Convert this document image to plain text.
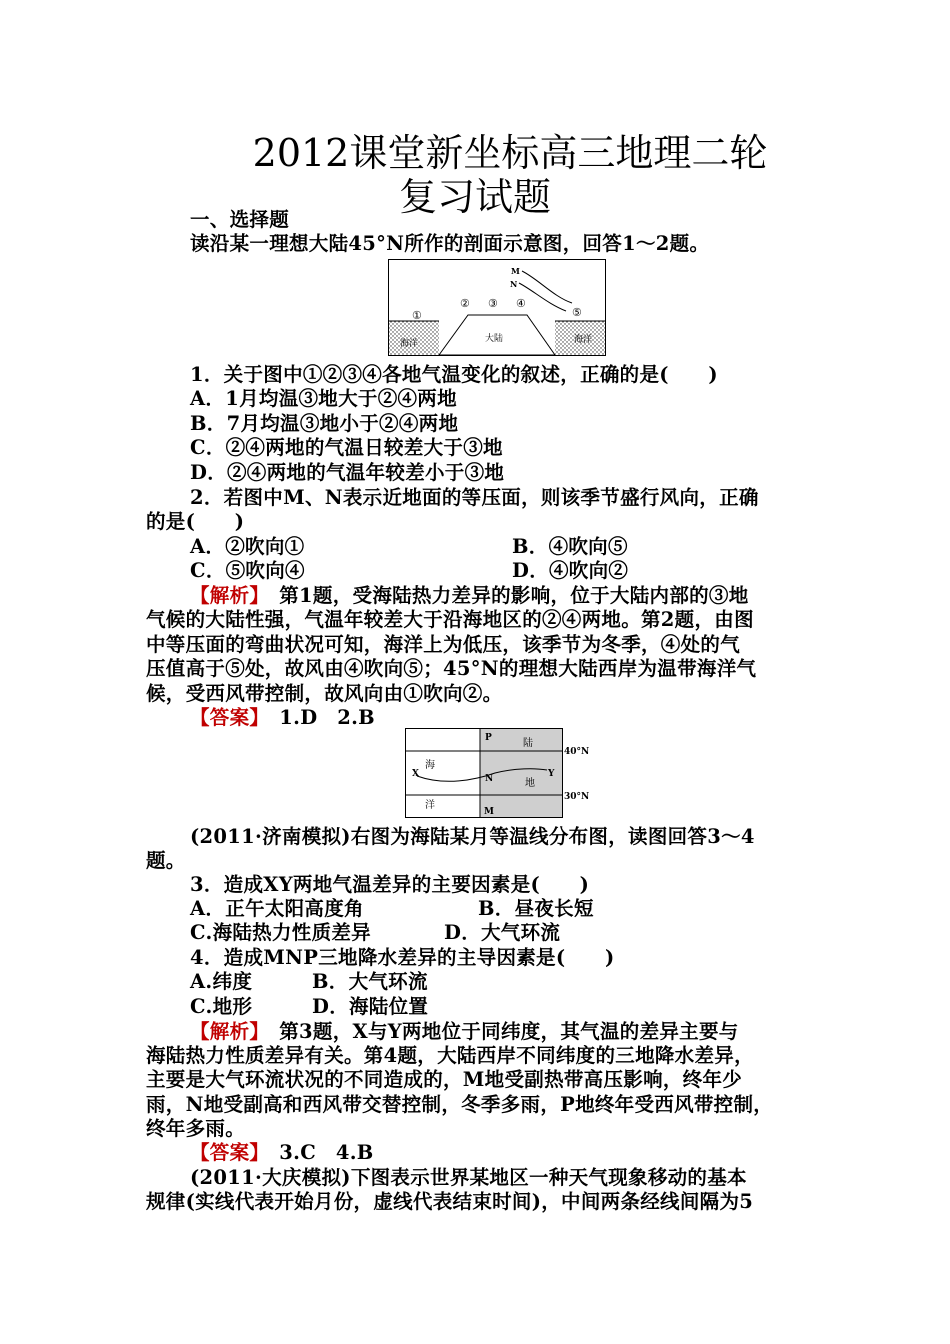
2012课堂新坐标高三地理二轮
复习试题
一、选择题
读沿某一理想大陆45°N所作的剖面示意图，回答1～2题。
M
N
①
② ③ ④
⑤
大陆
海洋	海洋
1．关于图中①②③④各地气温变化的叙述，正确的是(　　)
A．1月均温③地大于②④两地
B．7月均温③地小于②④两地
C．②④两地的气温日较差大于③地
D．②④两地的气温年较差小于③地
2．若图中M、N表示近地面的等压面，则该季节盛行风向，正确
的是(　　)
A．②吹向①	B．④吹向⑤
C．⑤吹向④	D．④吹向②
【解析】　第1题，受海陆热力差异的影响，位于大陆内部的③地
气候的大陆性强，气温年较差大于沿海地区的②④两地。第2题，由图
中等压面的弯曲状况可知，海洋上为低压，该季节为冬季，④处的气
压值高于⑤处，故风由④吹向⑤；45°N的理想大陆西岸为温带海洋气
候，受西风带控制，故风向由①吹向②。
【答案】　1.D　2.B
P	陆
海
X	N	地
Y
洋
M
40°N
30°N
(2011·济南模拟)右图为海陆某月等温线分布图，读图回答3～4
题。
3．造成XY两地气温差异的主要因素是(　　)
A．正午太阳高度角	B．昼夜长短
C.海陆热力性质差异	D．大气环流
4．造成MNP三地降水差异的主导因素是(　　)
A.纬度	B．大气环流
C.地形	D．海陆位置
【解析】　第3题，X与Y两地位于同纬度，其气温的差异主要与
海陆热力性质差异有关。第4题，大陆西岸不同纬度的三地降水差异，
主要是大气环流状况的不同造成的，M地受副热带高压影响，终年少
雨，N地受副高和西风带交替控制，冬季多雨，P地终年受西风带控制，
终年多雨。
【答案】　3.C　4.B
(2011·大庆模拟)下图表示世界某地区一种天气现象移动的基本
规律(实线代表开始月份，虚线代表结束时间)，中间两条经线间隔为5
